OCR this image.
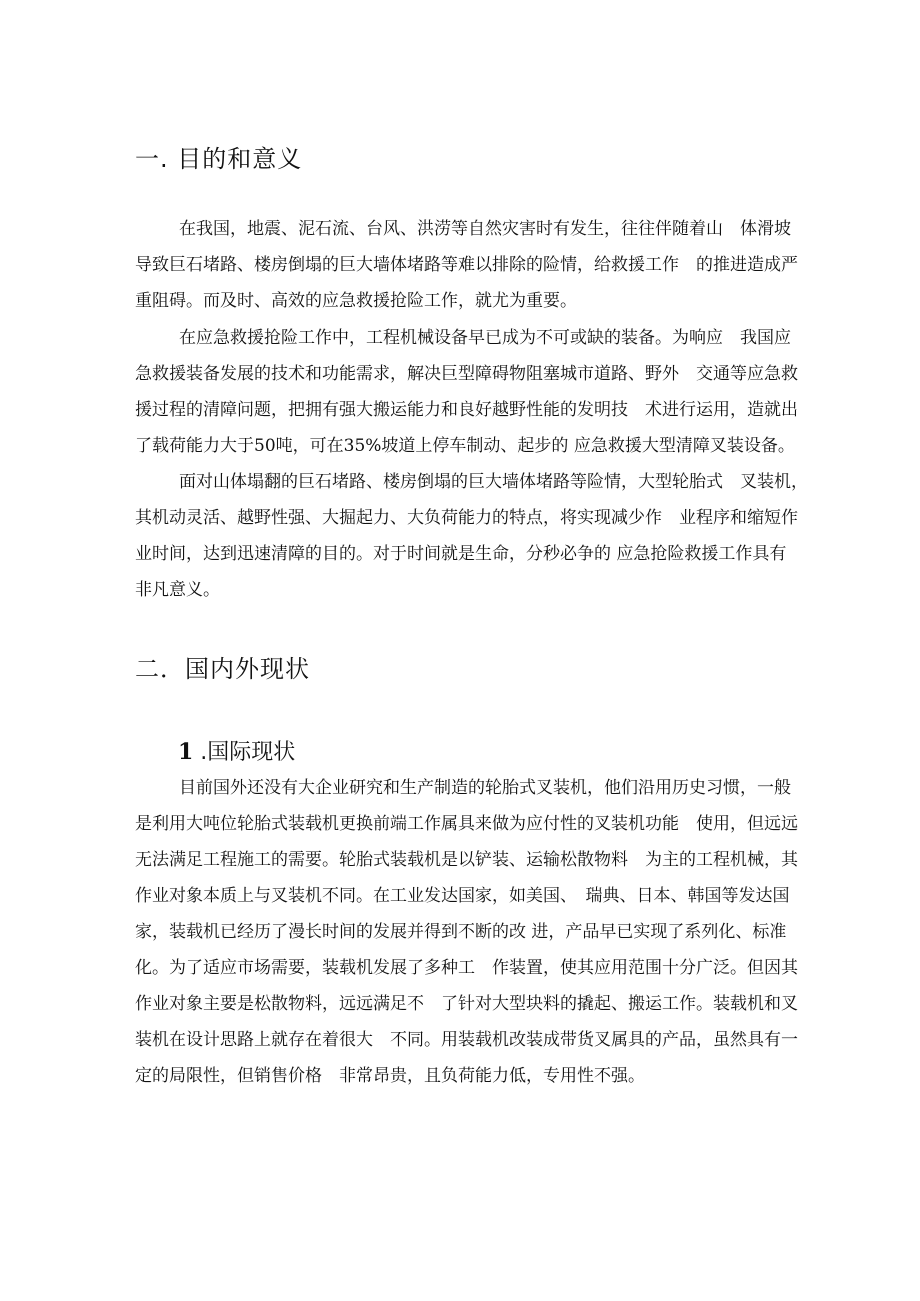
一. 目的和意义
在我国，地震、泥石流、台风、洪涝等自然灾害时有发生，往往伴随着山　体滑坡
导致巨石堵路、楼房倒塌的巨大墙体堵路等难以排除的险情，给救援工作　的推进造成严
重阻碍。而及时、高效的应急救援抢险工作，就尤为重要。
在应急救援抢险工作中，工程机械设备早已成为不可或缺的装备。为响应　我国应
急救援装备发展的技术和功能需求，解决巨型障碍物阻塞城市道路、野外　交通等应急救
援过程的清障问题，把拥有强大搬运能力和良好越野性能的发明技　术进行运用，造就出
了载荷能力大于50吨，可在35%坡道上停车制动、起步的 应急救援大型清障叉装设备。
面对山体塌翻的巨石堵路、楼房倒塌的巨大墙体堵路等险情，大型轮胎式　叉装机，
其机动灵活、越野性强、大掘起力、大负荷能力的特点，将实现减少作　业程序和缩短作
业时间，达到迅速清障的目的。对于时间就是生命，分秒必争的 应急抢险救援工作具有
非凡意义。
二．国内外现状
1 .国际现状
目前国外还没有大企业研究和生产制造的轮胎式叉装机，他们沿用历史习惯，一般
是利用大吨位轮胎式装载机更换前端工作属具来做为应付性的叉装机功能　使用，但远远
无法满足工程施工的需要。轮胎式装载机是以铲装、运输松散物料　为主的工程机械，其
作业对象本质上与叉装机不同。在工业发达国家，如美国、　瑞典、日本、韩国等发达国
家，装载机已经历了漫长时间的发展并得到不断的改 进，产品早已实现了系列化、标准
化。为了适应市场需要，装载机发展了多种工　作装置，使其应用范围十分广泛。但因其
作业对象主要是松散物料，远远满足不　了针对大型块料的撬起、搬运工作。装载机和叉
装机在设计思路上就存在着很大　不同。用装载机改装成带货叉属具的产品，虽然具有一
定的局限性，但销售价格　非常昂贵，且负荷能力低，专用性不强。
